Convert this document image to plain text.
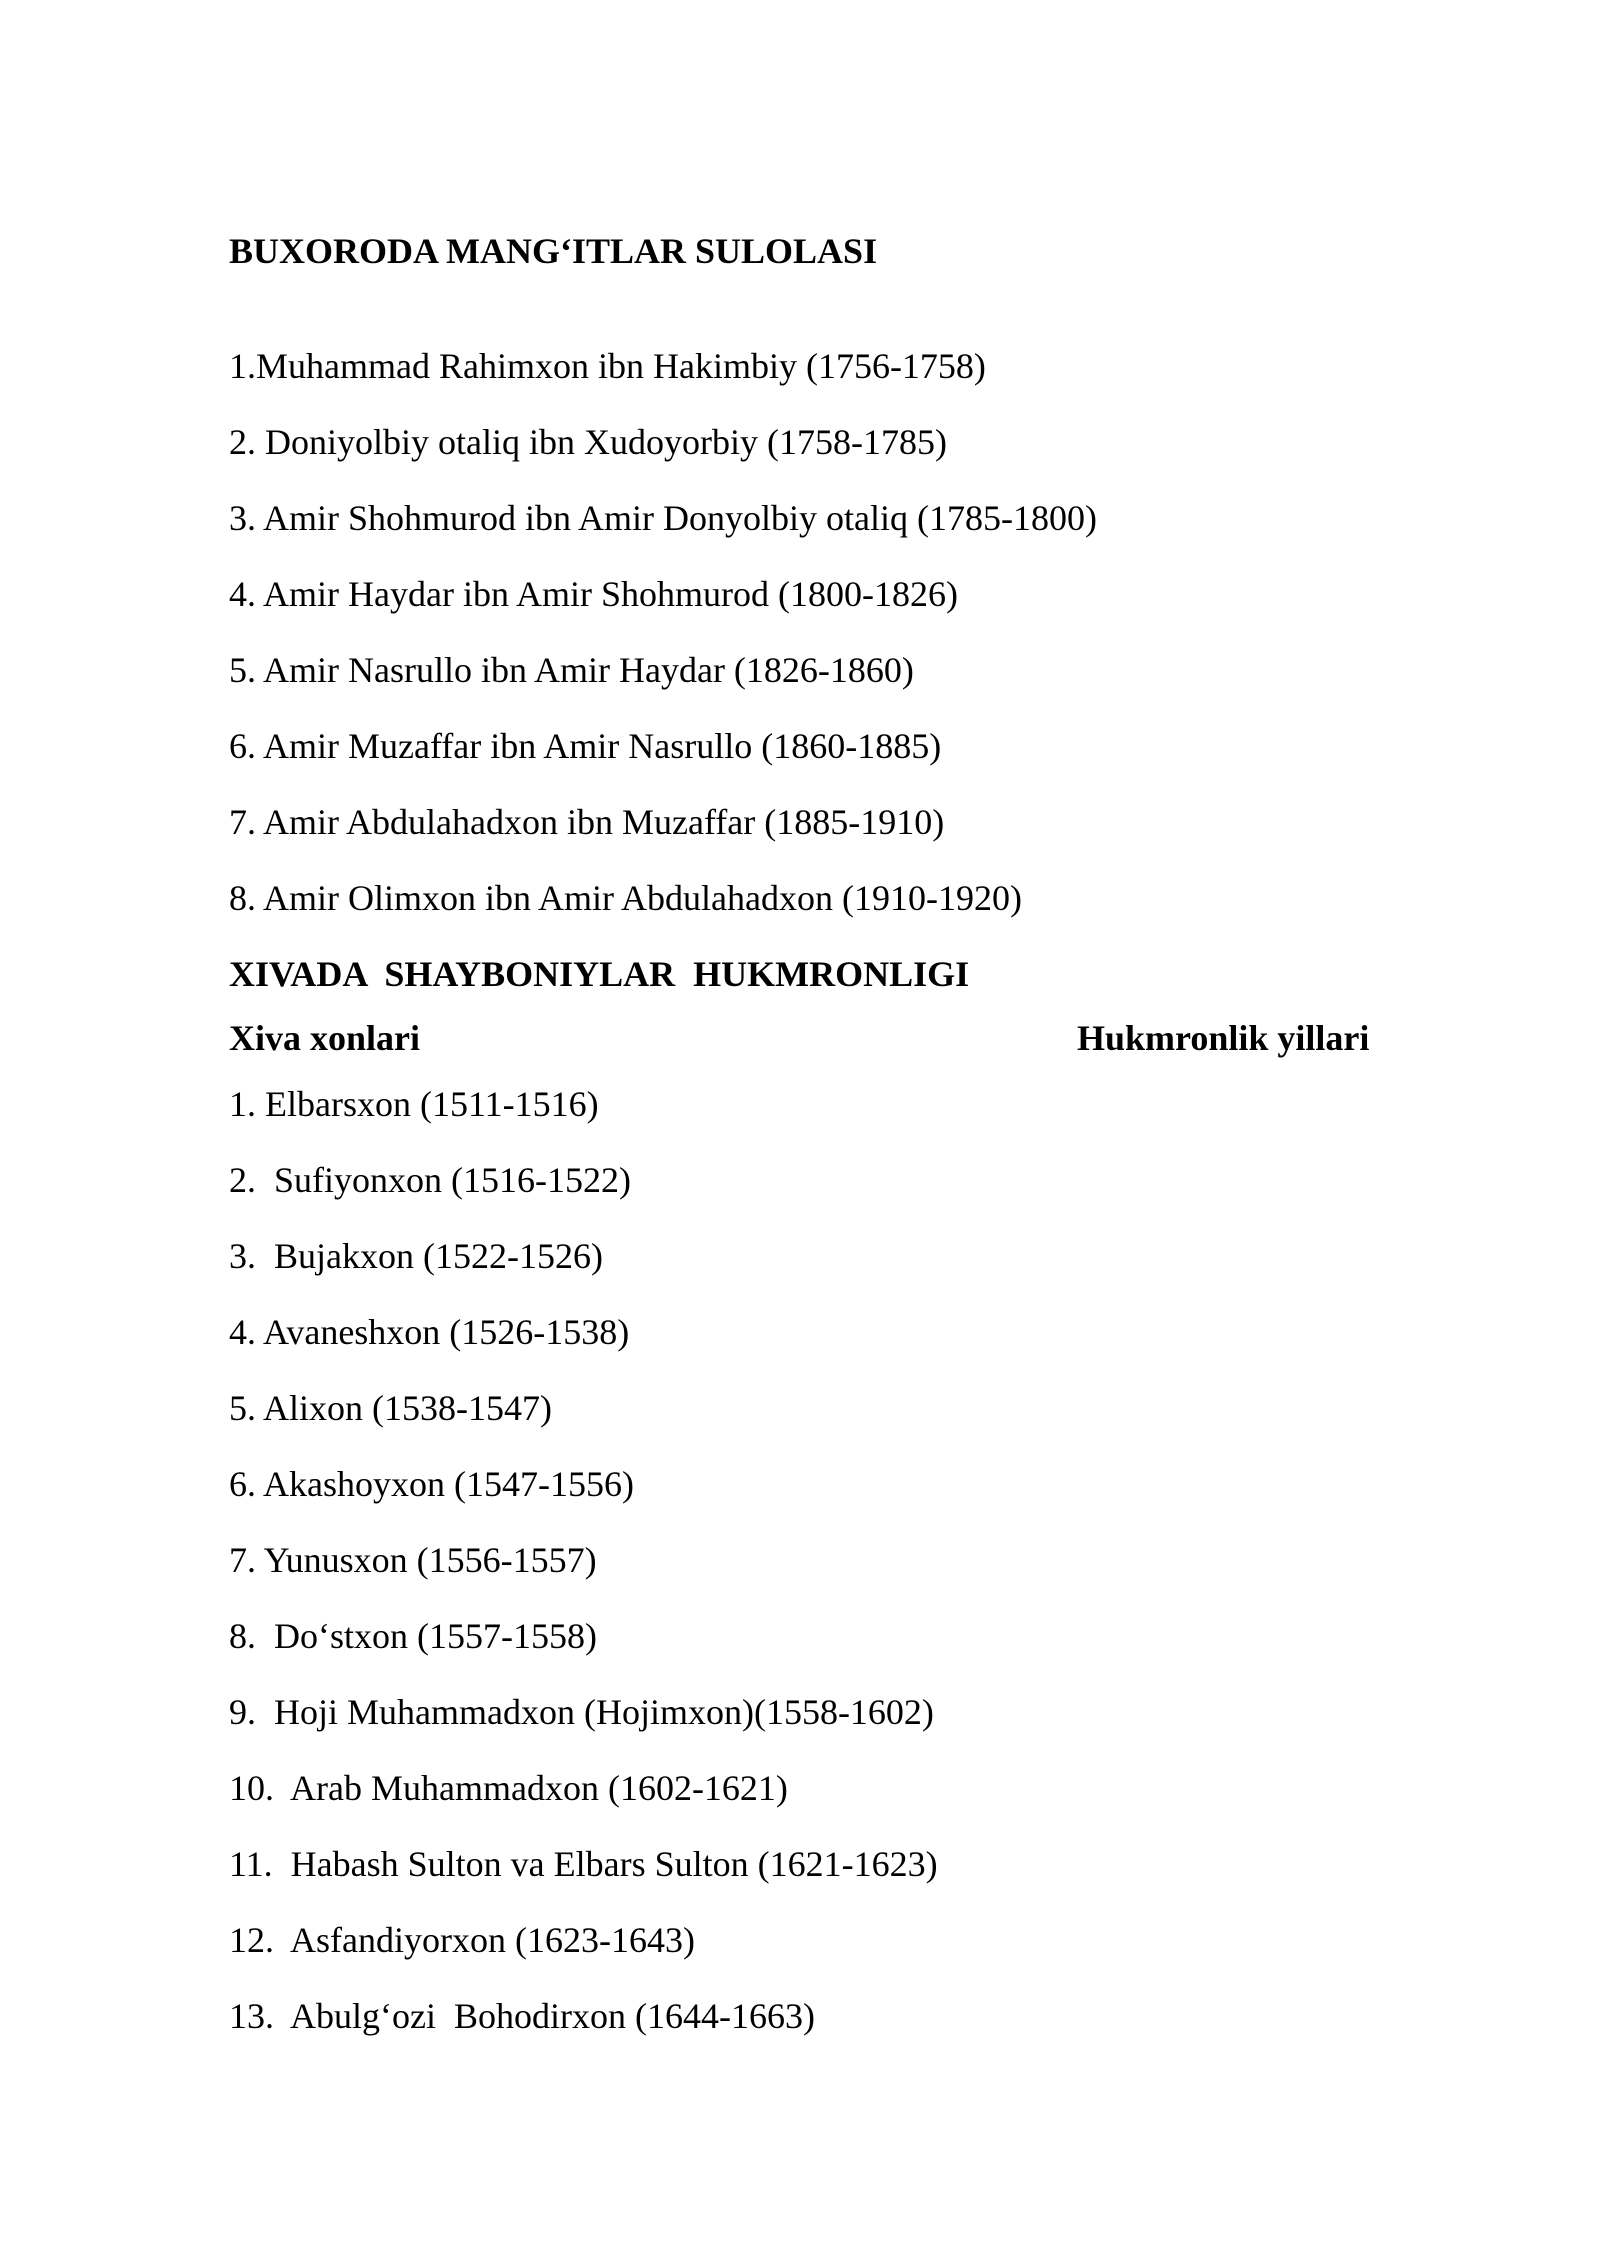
BUXORODA MANG‘ITLAR SULOLASI
1.Muhammad Rahimxon ibn Hakimbiy (1756-1758)
2. Doniyolbiy otaliq ibn Xudoyorbiy (1758-1785)
3. Amir Shohmurod ibn Amir Donyolbiy otaliq (1785-1800)
4. Amir Haydar ibn Amir Shohmurod (1800-1826)
5. Amir Nasrullo ibn Amir Haydar (1826-1860)
6. Amir Muzaffar ibn Amir Nasrullo (1860-1885)
7. Amir Abdulahadxon ibn Muzaffar (1885-1910)
8. Amir Olimxon ibn Amir Abdulahadxon (1910-1920)
XIVADA  SHAYBONIYLAR  HUKMRONLIGI
Xiva xonlari	Hukmronlik yillari
1. Elbarsxon (1511-1516)
2.  Sufiyonxon (1516-1522)
3.  Bujakxon (1522-1526)
4. Avaneshxon (1526-1538)
5. Alixon (1538-1547)
6. Akashoyxon (1547-1556)
7. Yunusxon (1556-1557)
8.  Do‘stxon (1557-1558)
9.  Hoji Muhammadxon (Hojimxon)(1558-1602)
10.  Arab Muhammadxon (1602-1621)
11.  Habash Sulton va Elbars Sulton (1621-1623)
12.  Asfandiyorxon (1623-1643)
13.  Abulg‘ozi  Bohodirxon (1644-1663)
